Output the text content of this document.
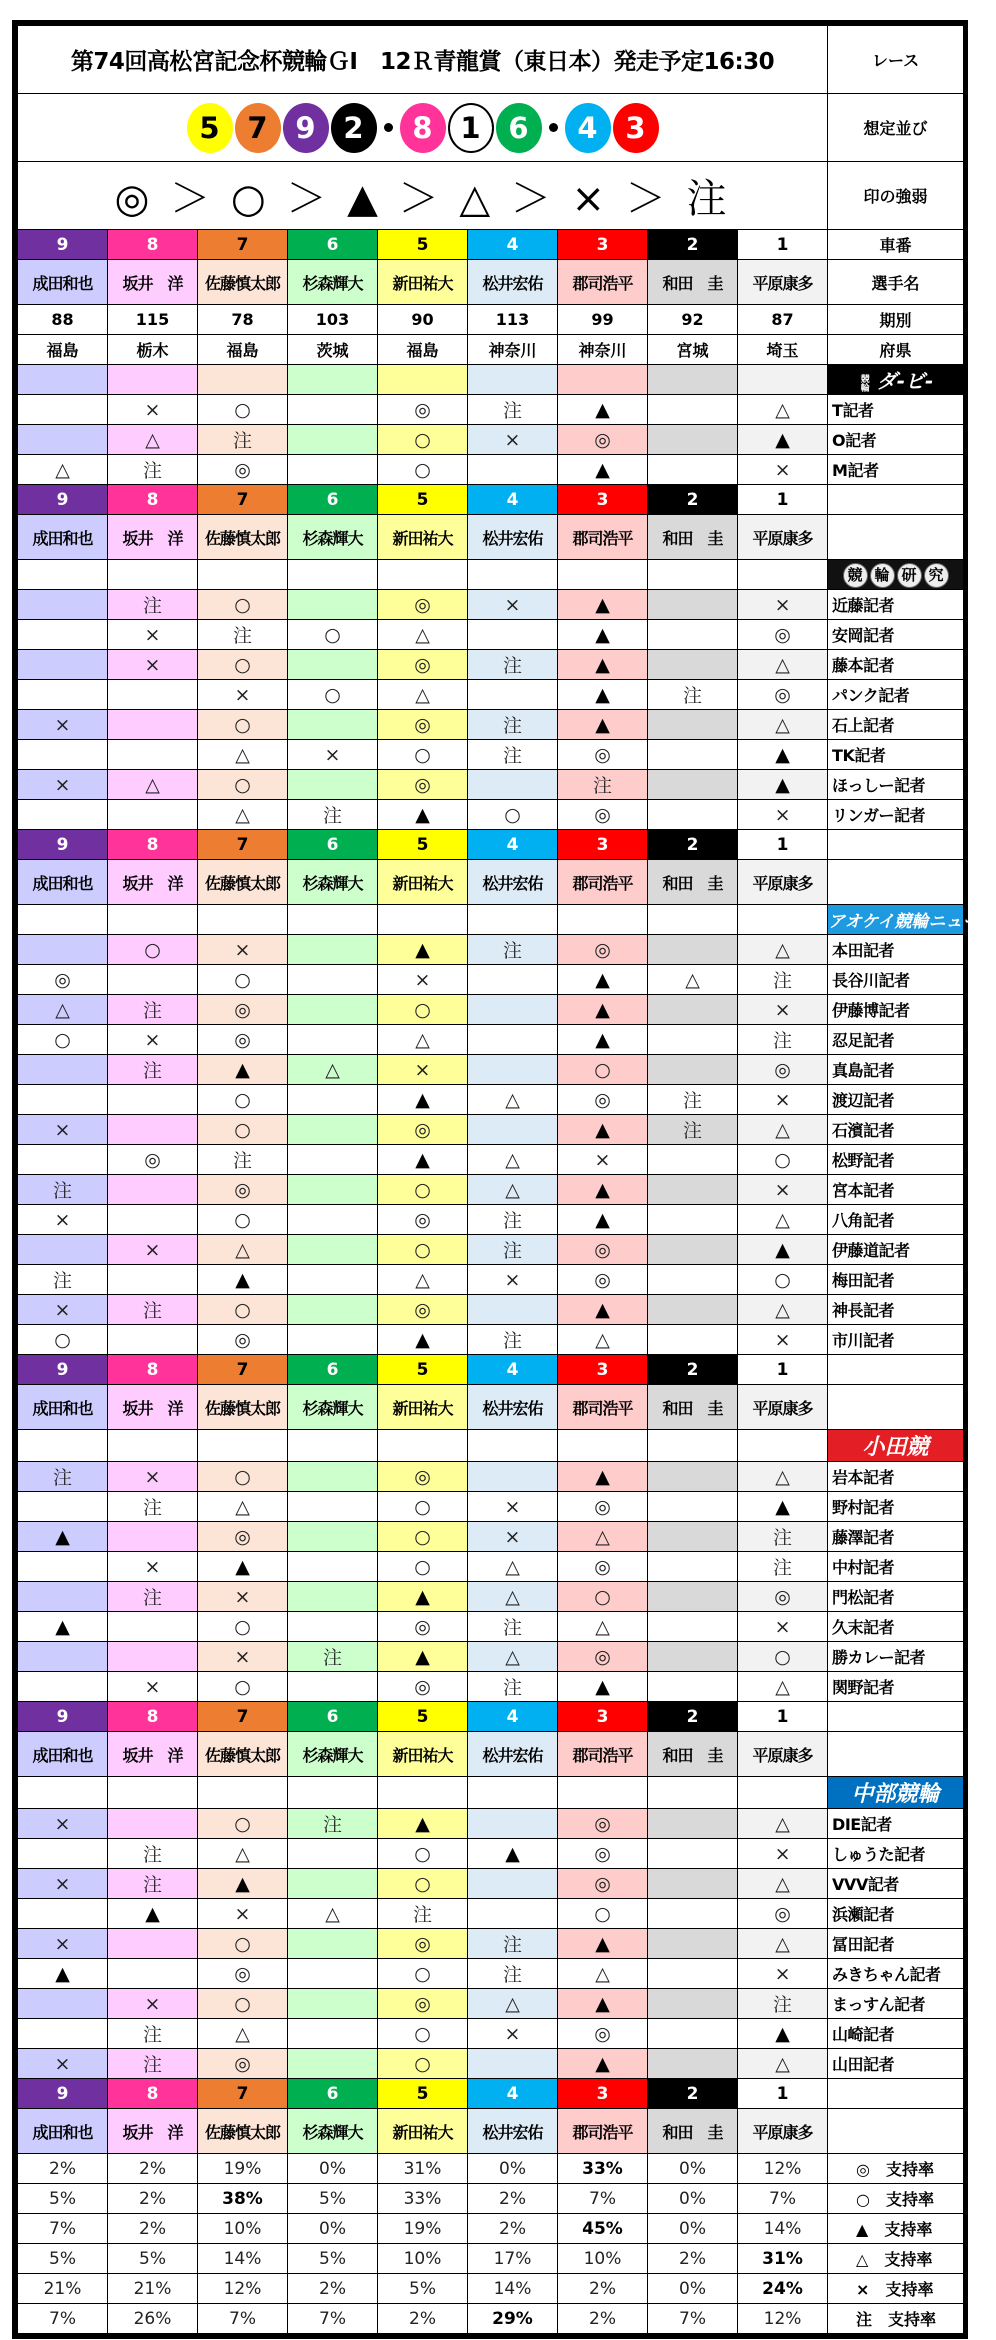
第74回高松宮記念杯競輪ＧⅠ　12Ｒ青龍賞（東日本）発走予定16:30									レース
5 7 9 2 8 1 6 4 3									想定並び
◎ ＞ ○ ＞ ▲ ＞ △ ＞ × ＞ 注									印の強弱
9	8	7	6	5	4	3	2	1	車番
成田和也	坂井　洋	佐藤慎太郎	杉森輝大	新田祐大	松井宏佑	郡司浩平	和田　圭	平原康多	選手名
88	115	78	103	90	113	99	92	87	期別
福島	栃木	福島	茨城	福島	神奈川	神奈川	宮城	埼玉	府県
									競輪 ダ-ビ-
	×	○		◎	注	▲		△	T記者
	△	注		○	×	◎		▲	O記者
△	注	◎		○		▲		×	M記者
9	8	7	6	5	4	3	2	1	
成田和也	坂井　洋	佐藤慎太郎	杉森輝大	新田祐大	松井宏佑	郡司浩平	和田　圭	平原康多	
									競 輪 研 究
	注	○		◎	×	▲		×	近藤記者
	×	注	○	△		▲		◎	安岡記者
	×	○		◎	注	▲		△	藤本記者
		×	○	△		▲	注	◎	パンク記者
×		○		◎	注	▲		△	石上記者
		△	×	○	注	◎		▲	TK記者
×	△	○		◎		注		▲	ほっしー記者
		△	注	▲	○	◎		×	リンガー記者
9	8	7	6	5	4	3	2	1	
成田和也	坂井　洋	佐藤慎太郎	杉森輝大	新田祐大	松井宏佑	郡司浩平	和田　圭	平原康多	
									アオケイ競輪ニュース
	○	×		▲	注	◎		△	本田記者
◎		○		×		▲	△	注	長谷川記者
△	注	◎		○		▲		×	伊藤博記者
○	×	◎		△		▲		注	忍足記者
	注	▲	△	×		○		◎	真島記者
		○		▲	△	◎	注	×	渡辺記者
×		○		◎		▲	注	△	石濱記者
	◎	注		▲	△	×		○	松野記者
注		◎		○	△	▲		×	宮本記者
×		○		◎	注	▲		△	八角記者
	×	△		○	注	◎		▲	伊藤道記者
注		▲		△	×	◎		○	梅田記者
×	注	○		◎		▲		△	神長記者
○		◎		▲	注	△		×	市川記者
9	8	7	6	5	4	3	2	1	
成田和也	坂井　洋	佐藤慎太郎	杉森輝大	新田祐大	松井宏佑	郡司浩平	和田　圭	平原康多	
									小田競
注	×	○		◎		▲		△	岩本記者
	注	△		○	×	◎		▲	野村記者
▲		◎		○	×	△		注	藤澤記者
	×	▲		○	△	◎		注	中村記者
	注	×		▲	△	○		◎	門松記者
▲		○		◎	注	△		×	久末記者
		×	注	▲	△	◎		○	勝カレー記者
	×	○		◎	注	▲		△	関野記者
9	8	7	6	5	4	3	2	1	
成田和也	坂井　洋	佐藤慎太郎	杉森輝大	新田祐大	松井宏佑	郡司浩平	和田　圭	平原康多	
									中部競輪
×		○	注	▲		◎		△	DIE記者
	注	△		○	▲	◎		×	しゅうた記者
×	注	▲		○		◎		△	VVV記者
	▲	×	△	注		○		◎	浜瀬記者
×		○		◎	注	▲		△	冨田記者
▲		◎		○	注	△		×	みきちゃん記者
	×	○		◎	△	▲		注	まっすん記者
	注	△		○	×	◎		▲	山崎記者
×	注	◎		○		▲		△	山田記者
9	8	7	6	5	4	3	2	1	
成田和也	坂井　洋	佐藤慎太郎	杉森輝大	新田祐大	松井宏佑	郡司浩平	和田　圭	平原康多	
2%	2%	19%	0%	31%	0%	33%	0%	12%	◎　支持率
5%	2%	38%	5%	33%	2%	7%	0%	7%	○　支持率
7%	2%	10%	0%	19%	2%	45%	0%	14%	▲　支持率
5%	5%	14%	5%	10%	17%	10%	2%	31%	△　支持率
21%	21%	12%	2%	5%	14%	2%	0%	24%	×　支持率
7%	26%	7%	7%	2%	29%	2%	7%	12%	注　支持率
